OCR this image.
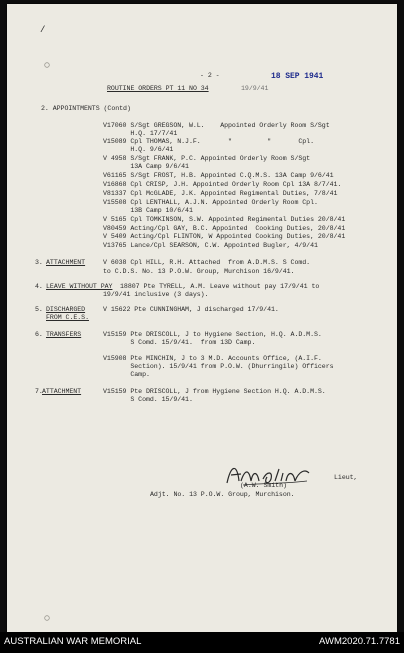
/
- 2 -
ROUTINE ORDERS PT 11 NO 34	19/9/41
18 SEP 1941
2. APPOINTMENTS (Contd)
V17060 S/Sgt GREGSON, W.L.    Appointed Orderly Room S/Sgt
H.Q. 17/7/41
V15089 Cpl THOMAS, N.J.F.       "         "       Cpl.
H.Q. 9/6/41
V 4958 S/Sgt FRANK, P.C. Appointed Orderly Room S/Sgt
13A Camp 9/6/41
V61165 S/Sgt FROST, H.B. Appointed C.Q.M.S. 13A Camp 9/6/41
V16868 Cpl CRISP, J.H. Appointed Orderly Room Cpl 13A 8/7/41.
V81337 Cpl McGLADE, J.K. Appointed Regimental Duties, 7/8/41
V15508 Cpl LENTHALL, A.J.N. Appointed Orderly Room Cpl.
13B Camp 10/6/41
V 5165 Cpl TOMKINSON, S.W. Appointed Regimental Duties 20/8/41
V80459 Acting/Cpl GAY, B.C. Appointed  Cooking Duties, 20/8/41
V 5409 Acting/Cpl FLINTON, W Appointed Cooking Duties, 20/8/41
V13765 Lance/Cpl SEARSON, C.W. Appointed Bugler, 4/9/41
3. ATTACHMENT	V 6038 Cpl HILL, R.H. Attached  from A.D.M.S. S Comd.
to C.D.S. No. 13 P.O.W. Group, Murchison 16/9/41.
4. LEAVE WITHOUT PAY 18807 Pte TYRELL, A.M. Leave without pay 17/9/41 to
19/9/41 inclusive (3 days).
5. DISCHARGED
FROM C.E.S.
V 15622 Pte CUNNINGHAM, J discharged 17/9/41.
6. TRANSFERS	V15159 Pte DRISCOLL, J to Hygiene Section, H.Q. A.D.M.S.
S Comd. 15/9/41.  from 13D Camp.
V15908 Pte MINCHIN, J to 3 M.D. Accounts Office, (A.I.F.
Section). 15/9/41 from P.O.W. (Dhurringile) Officers
Camp.
7. ATTACHMENT	V15159 Pte DRISCOLL, J from Hygiene Section H.Q. A.D.M.S.
S Comd. 15/9/41.
Lieut,
(A.W. Smith)
Adjt. No. 13 P.O.W. Group, Murchison.
AUSTRALIAN WAR MEMORIAL	AWM2020.71.7781
